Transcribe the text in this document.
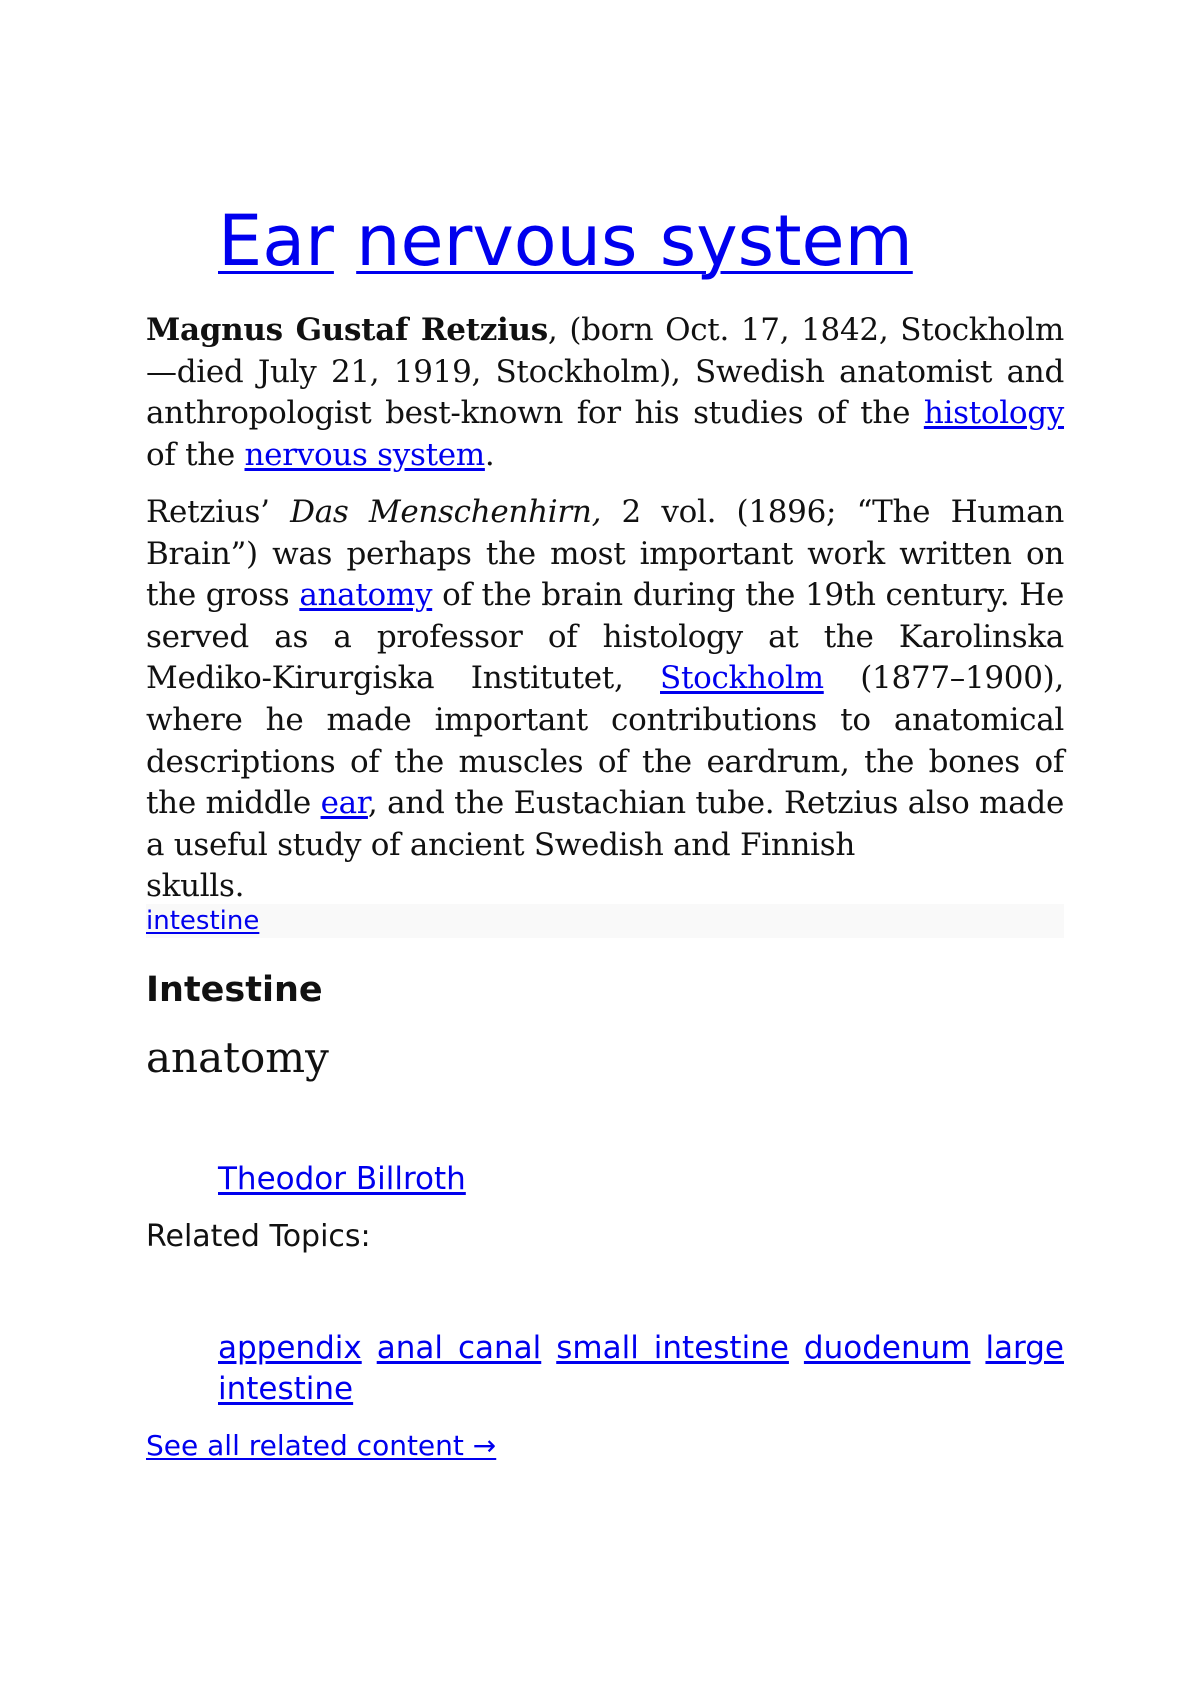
Ear nervous system

Magnus Gustaf Retzius, (born Oct. 17, 1842, Stockholm—died July 21, 1919, Stockholm), Swedish anatomist and anthropologist best-known for his studies of the histology of the nervous system.

Retzius’ Das Menschenhirn, 2 vol. (1896; “The Human Brain”) was perhaps the most important work written on the gross anatomy of the brain during the 19th century. He served as a professor of histology at the Karolinska Mediko-Kirurgiska Institutet, Stockholm (1877–1900), where he made important contributions to anatomical descriptions of the muscles of the eardrum, the bones of the middle ear, and the Eustachian tube. Retzius also made a useful study of ancient Swedish and Finnish
skulls.

intestine
Intestine
anatomy
Theodor Billroth
Related Topics:
appendix anal canal small intestine duodenum large intestine
See all related content →
